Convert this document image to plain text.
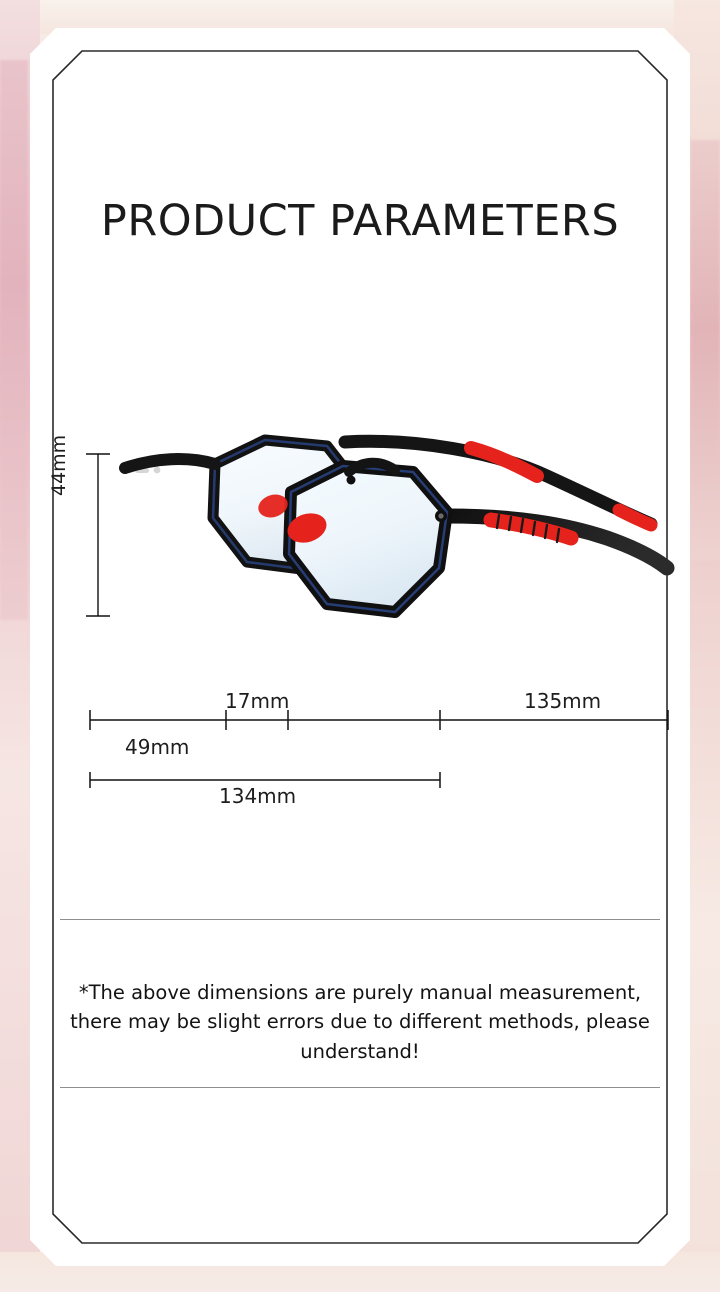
PRODUCT PARAMETERS
44mm
17mm	135mm
49mm
134mm
*The above dimensions are purely manual measurement, there may be slight errors due to different methods, please understand!
